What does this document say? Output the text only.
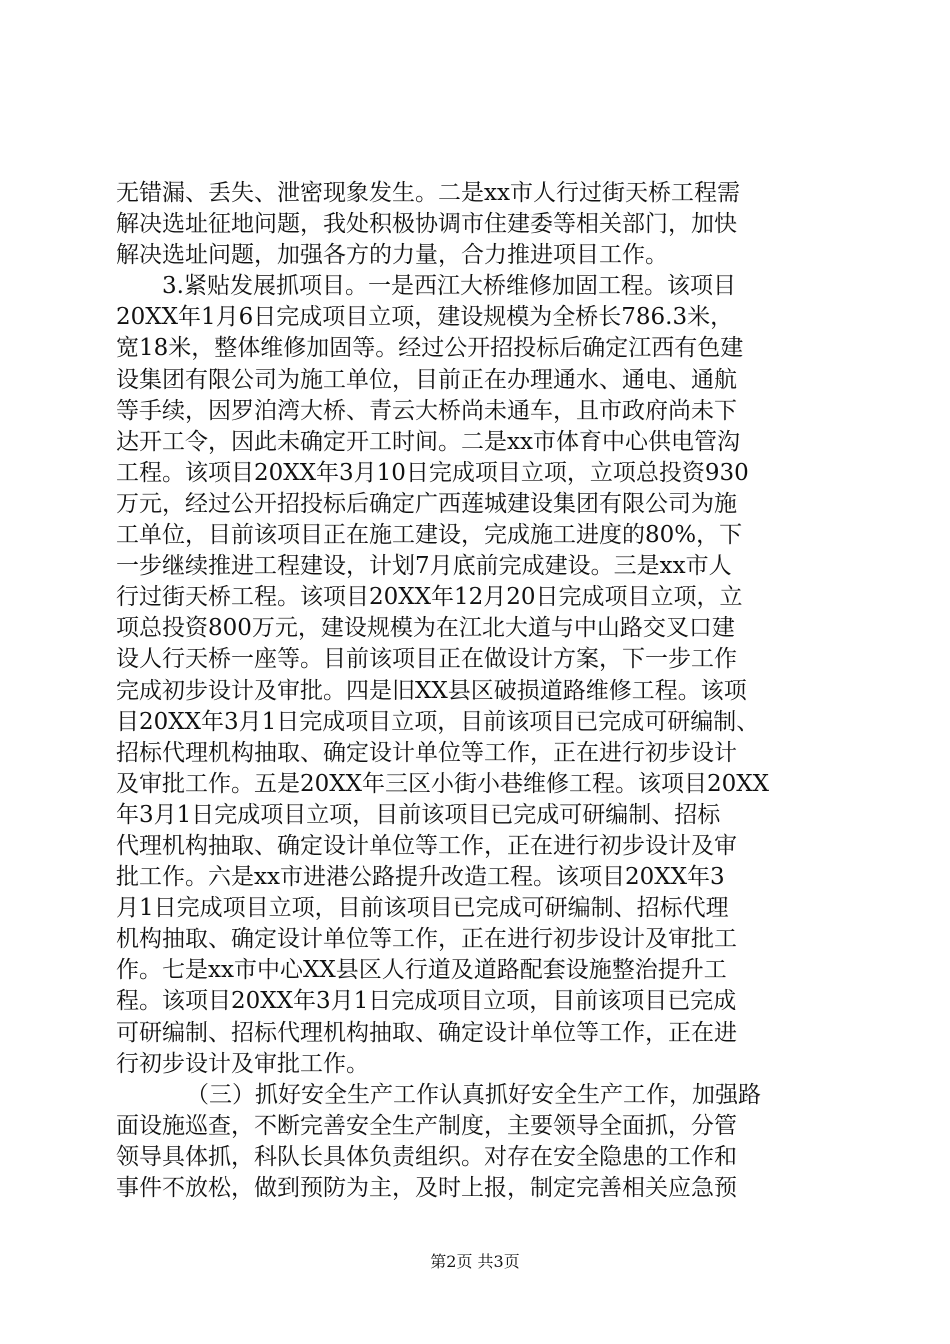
无错漏、丢失、泄密现象发生。二是xx市人行过街天桥工程需
解决选址征地问题，我处积极协调市住建委等相关部门，加快
解决选址问题，加强各方的力量，合力推进项目工作。
3.紧贴发展抓项目。一是西江大桥维修加固工程。该项目
20XX年1月6日完成项目立项，建设规模为全桥长786.3米，
宽18米，整体维修加固等。经过公开招投标后确定江西有色建
设集团有限公司为施工单位，目前正在办理通水、通电、通航
等手续，因罗泊湾大桥、青云大桥尚未通车，且市政府尚未下
达开工令，因此未确定开工时间。二是xx市体育中心供电管沟
工程。该项目20XX年3月10日完成项目立项，立项总投资930
万元，经过公开招投标后确定广西莲城建设集团有限公司为施
工单位，目前该项目正在施工建设，完成施工进度的80%，下
一步继续推进工程建设，计划7月底前完成建设。三是xx市人
行过街天桥工程。该项目20XX年12月20日完成项目立项，立
项总投资800万元，建设规模为在江北大道与中山路交叉口建
设人行天桥一座等。目前该项目正在做设计方案，下一步工作
完成初步设计及审批。四是旧XX县区破损道路维修工程。该项
目20XX年3月1日完成项目立项，目前该项目已完成可研编制、
招标代理机构抽取、确定设计单位等工作，正在进行初步设计
及审批工作。五是20XX年三区小街小巷维修工程。该项目20XX
年3月1日完成项目立项，目前该项目已完成可研编制、招标
代理机构抽取、确定设计单位等工作，正在进行初步设计及审
批工作。六是xx市进港公路提升改造工程。该项目20XX年3
月1日完成项目立项，目前该项目已完成可研编制、招标代理
机构抽取、确定设计单位等工作，正在进行初步设计及审批工
作。七是xx市中心XX县区人行道及道路配套设施整治提升工
程。该项目20XX年3月1日完成项目立项，目前该项目已完成
可研编制、招标代理机构抽取、确定设计单位等工作，正在进
行初步设计及审批工作。
（三）抓好安全生产工作认真抓好安全生产工作，加强路
面设施巡查，不断完善安全生产制度，主要领导全面抓，分管
领导具体抓，科队长具体负责组织。对存在安全隐患的工作和
事件不放松，做到预防为主，及时上报，制定完善相关应急预
第2页 共3页
